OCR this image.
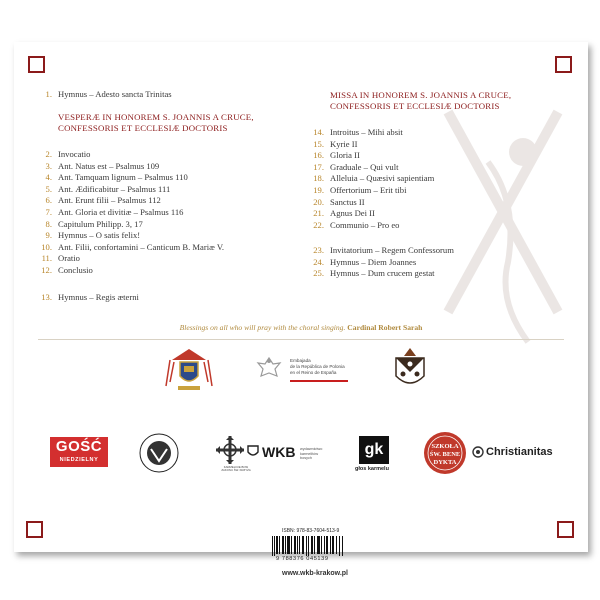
1. Hymnus – Adesto sancta Trinitas
VESPERÆ IN HONOREM S. JOANNIS A CRUCE,
CONFESSORIS ET ECCLESIÆ DOCTORIS
2. Invocatio
3. Ant. Natus est – Psalmus 109
4. Ant. Tamquam lignum – Psalmus 110
5. Ant. Ædificabitur – Psalmus 111
6. Ant. Erunt filii – Psalmus 112
7. Ant. Gloria et divitiæ – Psalmus 116
8. Capitulum Philipp. 3, 17
9. Hymnus – O satis felix!
10. Ant. Filii, confortamini – Canticum B. Mariæ V.
11. Oratio
12. Conclusio
13. Hymnus – Regis æterni
MISSA IN HONOREM S. JOANNIS A CRUCE,
CONFESSORIS ET ECCLESIÆ DOCTORIS
14. Introitus – Mihi absit
15. Kyrie II
16. Gloria II
17. Graduale – Qui vult
18. Alleluia – Quæsivi sapientiam
19. Offertorium – Erit tibi
20. Sanctus II
21. Agnus Dei II
22. Communio – Pro eo
23. Invitatorium – Regem Confessorum
24. Hymnus – Diem Joannes
25. Hymnus – Dum crucem gestat
Blessings on all who will pray with the choral singing. Cardinal Robert Sarah
Embajada
de la República de Polonia
en el Reino de España
GOŚĆ
NIEDZIELNY
KARMELICIE BOSI
ZAKONU ŚW. KRZYŻA
WKB wydawnictwo
karmelitów
bosych
gk
głos karmelu
SZKOŁA
ŚW. BENE
DYKTA
Christianitas
ISBN: 978-83-7604-513-9
9 788376 045139
www.wkb-krakow.pl
